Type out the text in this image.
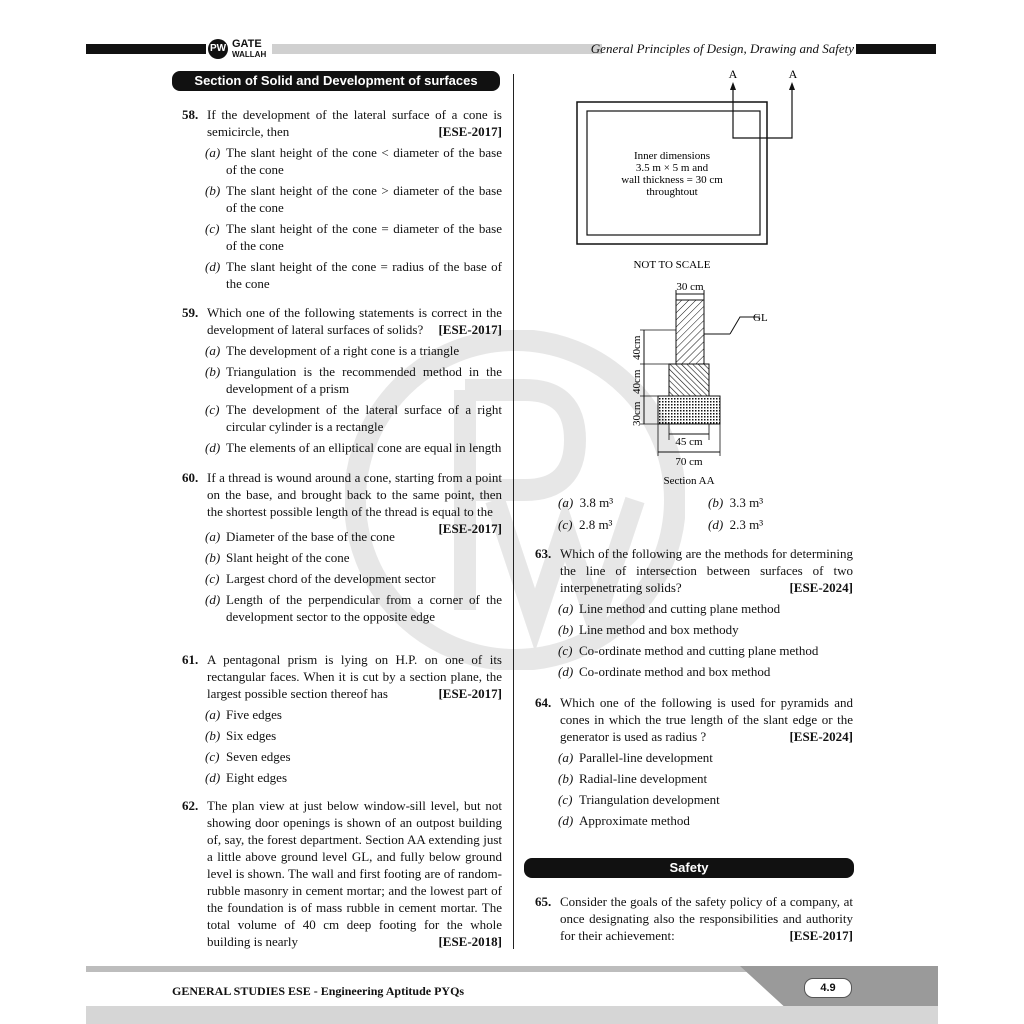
PW GATE
WALLAH	General Principles of Design, Drawing and Safety
Section of Solid and Development of surfaces
58. If the development of the lateral surface of a cone is semicircle, then	[ESE-2017]
(a) The slant height of the cone < diameter of the base of the cone
(b) The slant height of the cone > diameter of the base of the cone
(c) The slant height of the cone = diameter of the base of the cone
(d) The slant height of the cone = radius of the base of the cone
59. Which one of the following statements is correct in the development of lateral surfaces of solids? [ESE-2017]
(a) The development of a right cone is a triangle
(b) Triangulation is the recommended method in the development of a prism
(c) The development of the lateral surface of a right circular cylinder is a rectangle
(d) The elements of an elliptical cone are equal in length
60. If a thread is wound around a cone, starting from a point on the base, and brought back to the same point, then the shortest possible length of the thread is equal to the
[ESE-2017]
(a) Diameter of the base of the cone
(b) Slant height of the cone
(c) Largest chord of the development sector
(d) Length of the perpendicular from a corner of the development sector to the opposite edge
61. A pentagonal prism is lying on H.P. on one of its rectangular faces. When it is cut by a section plane, the largest possible section thereof has	[ESE-2017]
(a) Five edges
(b) Six edges
(c) Seven edges
(d) Eight edges
62. The plan view at just below window-sill level, but not showing door openings is shown of an outpost building of, say, the forest department. Section AA extending just a little above ground level GL, and fully below ground level is shown. The wall and first footing are of random-rubble masonry in cement mortar; and the lowest part of the foundation is of mass rubble in cement mortar. The total volume of 40 cm deep footing for the whole building is nearly	[ESE-2018]
A	A
Inner dimensions
3.5 m × 5 m and
wall thickness = 30 cm
throughtout
NOT TO SCALE
30 cm
GL
40cm
40cm
30cm
45 cm
70 cm
Section AA
(a) 3.8 m³	(b) 3.3 m³
(c) 2.8 m³	(d) 2.3 m³
63. Which of the following are the methods for determining the line of intersection between surfaces of two interpenetrating solids?	[ESE-2024]
(a) Line method and cutting plane method
(b) Line method and box methody
(c) Co-ordinate method and cutting plane method
(d) Co-ordinate method and box method
64. Which one of the following is used for pyramids and cones in which the true length of the slant edge or the generator is used as radius ?	[ESE-2024]
(a) Parallel-line development
(b) Radial-line development
(c) Triangulation development
(d) Approximate method
Safety
65. Consider the goals of the safety policy of a company, at once designating also the responsibilities and authority for their achievement:	[ESE-2017]
GENERAL STUDIES ESE - Engineering Aptitude PYQs	4.9
